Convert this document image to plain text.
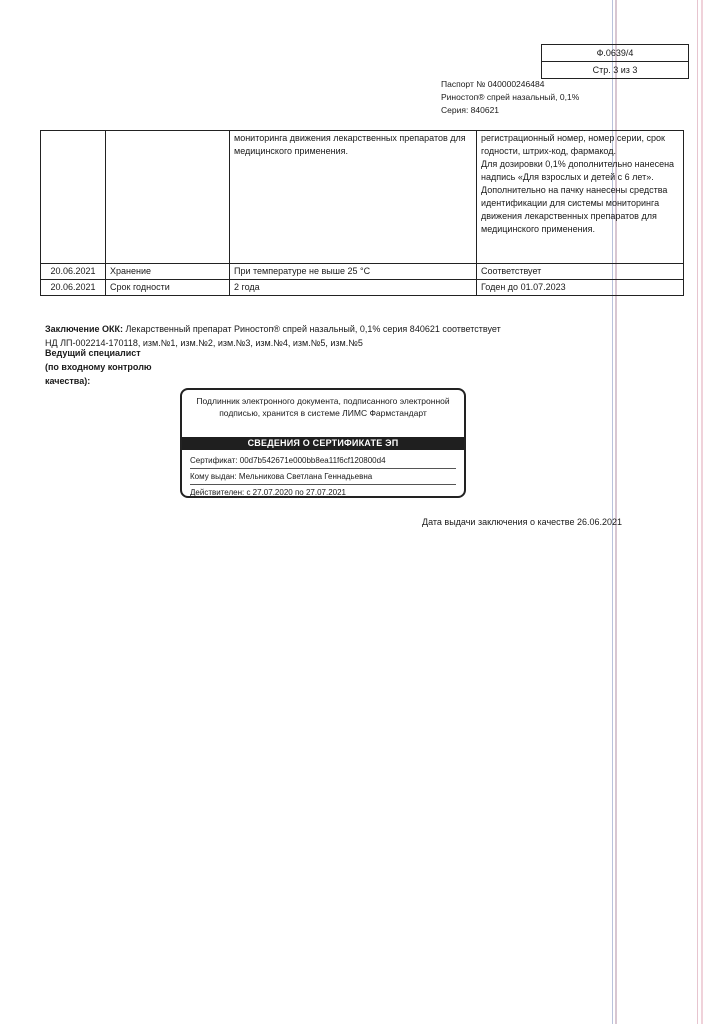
Ф.0639/4
Стр. 3 из 3
Паспорт № 040000246484
Риностоп® спрей назальный, 0,1%
Серия: 840621

		мониторинга движения лекарственных препаратов для медицинского применения.	регистрационный номер, номер серии, срок годности, штрих-код, фармакод.
Для дозировки 0,1% дополнительно нанесена надпись «Для взрослых и детей с 6 лет».
Дополнительно на пачку нанесены средства идентификации для системы мониторинга движения лекарственных препаратов для медицинского применения.

20.06.2021	Хранение	При температуре не выше 25 °С	Соответствует
20.06.2021	Срок годности	2 года	Годен до 01.07.2023
Заключение ОКК: Лекарственный препарат Риностоп® спрей назальный, 0,1% серия 840621 соответствует НД ЛП-002214-170118, изм.№1, изм.№2, изм.№3, изм.№4, изм.№5, изм.№5
Ведущий специалист (по входному контролю качества):
Подлинник электронного документа, подписанного электронной подписью, хранится в системе ЛИМС Фармстандарт
СВЕДЕНИЯ О СЕРТИФИКАТЕ ЭП
Сертификат: 00d7b542671e000bb8ea11f6cf120800d4
Кому выдан: Мельникова Светлана Геннадьевна
Действителен: с 27.07.2020 по 27.07.2021
Дата выдачи заключения о качестве 26.06.2021
